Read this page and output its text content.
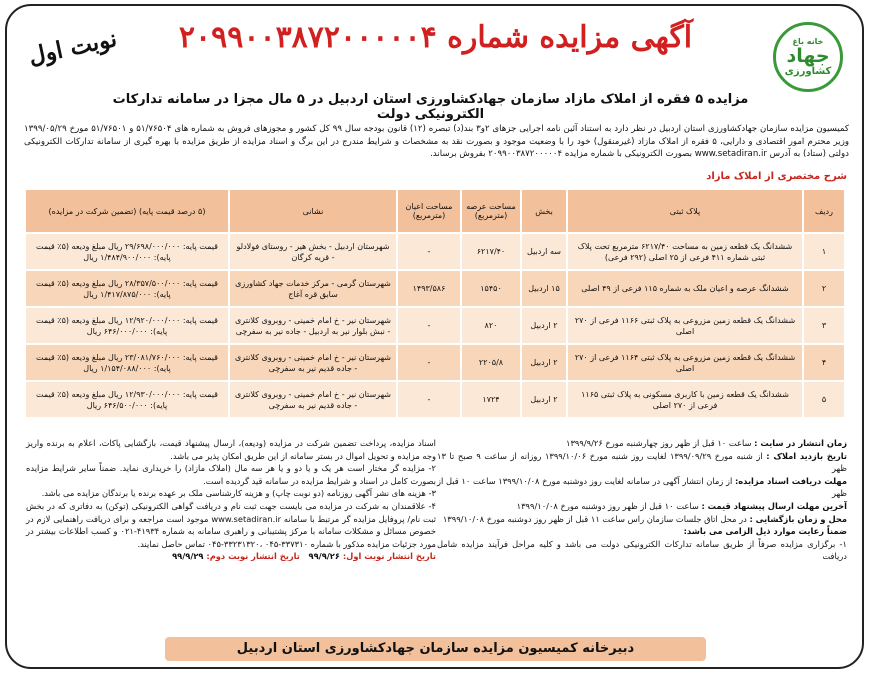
خانه باغ
جهاد
کشاورزی
نوبت اول	آگهی مزایده شماره ۲۰۹۹۰۰۳۸۷۲۰۰۰۰۰۴
مزایده ۵ فقره از املاک مازاد سازمان جهادکشاورزی استان اردبیل در ۵ مال مجزا در سامانه تدارکات الکترونیکی دولت
کمیسیون مزایده سازمان جهادکشاورزی استان اردبیل در نظر دارد به استناد آئین نامه اجرایی جزهای ۲و۳ بند(د) تبصره (۱۲) قانون بودجه سال ۹۹ کل کشور و مجوزهای فروش به شماره های ۵۱/۷۶۵۰۴ و ۵۱/۷۶۵۰۱ مورخ ۱۳۹۹/۰۵/۲۹ وزیر محترم امور اقتصادی و دارایی، ۵ فقره از املاک مازاد (غیرمنقول) خود را با وضعیت موجود و بصورت نقد به مشخصات و شرایط مندرج در این برگ و اسناد مزایده از طریق مزایده با بهره گیری از سامانه تدارکات الکترونیکی دولتی (ستاد) به آدرس www.setadiran.ir بصورت الکترونیکی با شماره مزایده ۲۰۹۹۰۰۳۸۷۲۰۰۰۰۰۴ بفروش برساند.
شرح مختصری از املاک مازاد
ردیف	پلاک ثبتی	بخش	مساحت عرصه (مترمربع)	مساحت اعیان (مترمربع)	نشانی	(۵ درصد قیمت پایه) (تضمین شرکت در مزایده)
۱	ششدانگ یک قطعه زمین به مساحت ۶۲۱۷/۴۰ مترمربع تحت پلاک ثبتی شماره ۴۱۱ فرعی از ۲۵ اصلی (۲۹۲ فرعی)	سه اردبیل	۶۲۱۷/۴۰	-	شهرستان اردبیل - بخش هیر - روستای فولادلو - قریه کرگان	قیمت پایه: ۲۹/۶۹۸/۰۰۰/۰۰۰ ریال مبلغ ودیعه (۵٪ قیمت پایه): ۱/۴۸۴/۹۰۰/۰۰۰ ریال
۲	ششدانگ عرصه و اعیان ملک به شماره ۱۱۵ فرعی از ۴۹ اصلی	۱۵ اردبیل	۱۵۴۵۰	۱۴۹۳/۵۸۶	شهرستان گرمی - مرکز خدمات جهاد کشاورزی سابق قره آغاج	قیمت پایه: ۲۸/۳۵۷/۵۰۰/۰۰۰ ریال مبلغ ودیعه (۵٪ قیمت پایه): ۱/۴۱۷/۸۷۵/۰۰۰ ریال
۳	ششدانگ یک قطعه زمین مزروعی به پلاک ثبتی ۱۱۶۶ فرعی از ۲۷۰ اصلی	۲ اردبیل	۸۲۰	-	شهرستان نیر - خ امام خمینی - روبروی کلانتری - نبش بلوار نیر به اردبیل - جاده نیر به سفرچی	قیمت پایه: ۱۲/۹۲۰/۰۰۰/۰۰۰ ریال مبلغ ودیعه (۵٪ قیمت پایه): ۶۴۶/۰۰۰/۰۰۰ ریال
۴	ششدانگ یک قطعه زمین مزروعی به پلاک ثبتی ۱۱۶۴ فرعی از ۲۷۰ اصلی	۲ اردبیل	۲۲۰۵/۸	-	شهرستان نیر - خ امام خمینی - روبروی کلانتری - جاده قدیم نیر به سفرچی	قیمت پایه: ۲۳/۰۸۱/۷۶۰/۰۰۰ ریال مبلغ ودیعه (۵٪ قیمت پایه): ۱/۱۵۴/۰۸۸/۰۰۰ ریال
۵	ششدانگ یک قطعه زمین با کاربری مسکونی به پلاک ثبتی ۱۱۶۵ فرعی از ۲۷۰ اصلی	۲ اردبیل	۱۷۲۴	-	شهرستان نیر - خ امام خمینی - روبروی کلانتری - جاده قدیم نیر به سفرچی	قیمت پایه: ۱۲/۹۳۰/۰۰۰/۰۰۰ ریال مبلغ ودیعه (۵٪ قیمت پایه): ۶۴۶/۵۰۰/۰۰۰ ریال
زمان انتشار در سایت : ساعت ۱۰ قبل از ظهر روز چهارشنبه مورخ ۱۳۹۹/۹/۲۶
تاریخ بازدید املاک : از شنبه مورخ ۱۳۹۹/۰۹/۲۹ لغایت روز شنبه مورخ ۱۳۹۹/۱۰/۰۶ روزانه از ساعت ۹ صبح تا ۱۳ ظهر
مهلت دریافت اسناد مزایده: از زمان انتشار آگهی در سامانه لغایت روز دوشنبه مورخ ۱۳۹۹/۱۰/۰۸ ساعت ۱۰ قبل از ظهر
آخرین مهلت ارسال پیشنهاد قیمت : ساعت ۱۰ قبل از ظهر روز دوشنبه مورخ ۱۳۹۹/۱۰/۰۸
محل و زمان بازگشایی : در محل اتاق جلسات سازمان راس ساعت ۱۱ قبل از ظهر روز دوشنبه مورخ ۱۳۹۹/۱۰/۰۸
ضمناً رعایت موارد ذیل الزامی می باشد:
۱- برگزاری مزایده صرفاً از طریق سامانه تدارکات الکترونیکی دولت می باشد و کلیه مراحل فرآیند مزایده شامل دریافت
اسناد مزایده، پرداخت تضمین شرکت در مزایده (ودیعه)، ارسال پیشنهاد قیمت، بازگشایی پاکات، اعلام به برنده واریز وجه مزایده و تحویل اموال در بستر سامانه از این طریق امکان پذیر می باشد.
۲- مزایده گر مختار است هر یک و یا دو و یا هر سه مال (املاک مازاد) را خریداری نماید. ضمناً سایر شرایط مزایده بصورت کامل در اسناد و شرایط مزایده در سامانه قید گردیده است.
۳- هزینه های نشر آگهی روزنامه (دو نوبت چاپ) و هزینه کارشناسی ملک بر عهده برنده یا برندگان مزایده می باشد.
۴- علاقمندان به شرکت در مزایده می بایست جهت ثبت نام و دریافت گواهی الکترونیکی (توکن) به دفاتری که در بخش ثبت نام/ پروفایل مزایده گر مرتبط با سامانه www.setadiran.ir موجود است مراجعه و برای دریافت راهنمایی لازم در خصوص مسائل و مشکلات سامانه با مرکز پشتیبانی و راهبری سامانه به شماره ۴۱۹۳۴-۰۲۱ و کسب اطلاعات بیشتر در مورد جزئیات مزایده مذکور با شماره ۳۳۷۳۱۰-۰۴۵ ،۳۳۲۳۱۳۲۰-۰۴۵ تماس حاصل نمایند.
تاریخ انتشار نوبت اول: ۹۹/۹/۲۶   تاریخ انتشار نوبت دوم: ۹۹/۹/۲۹
دبیرخانه کمیسیون مزایده سازمان جهادکشاورزی استان اردبیل
